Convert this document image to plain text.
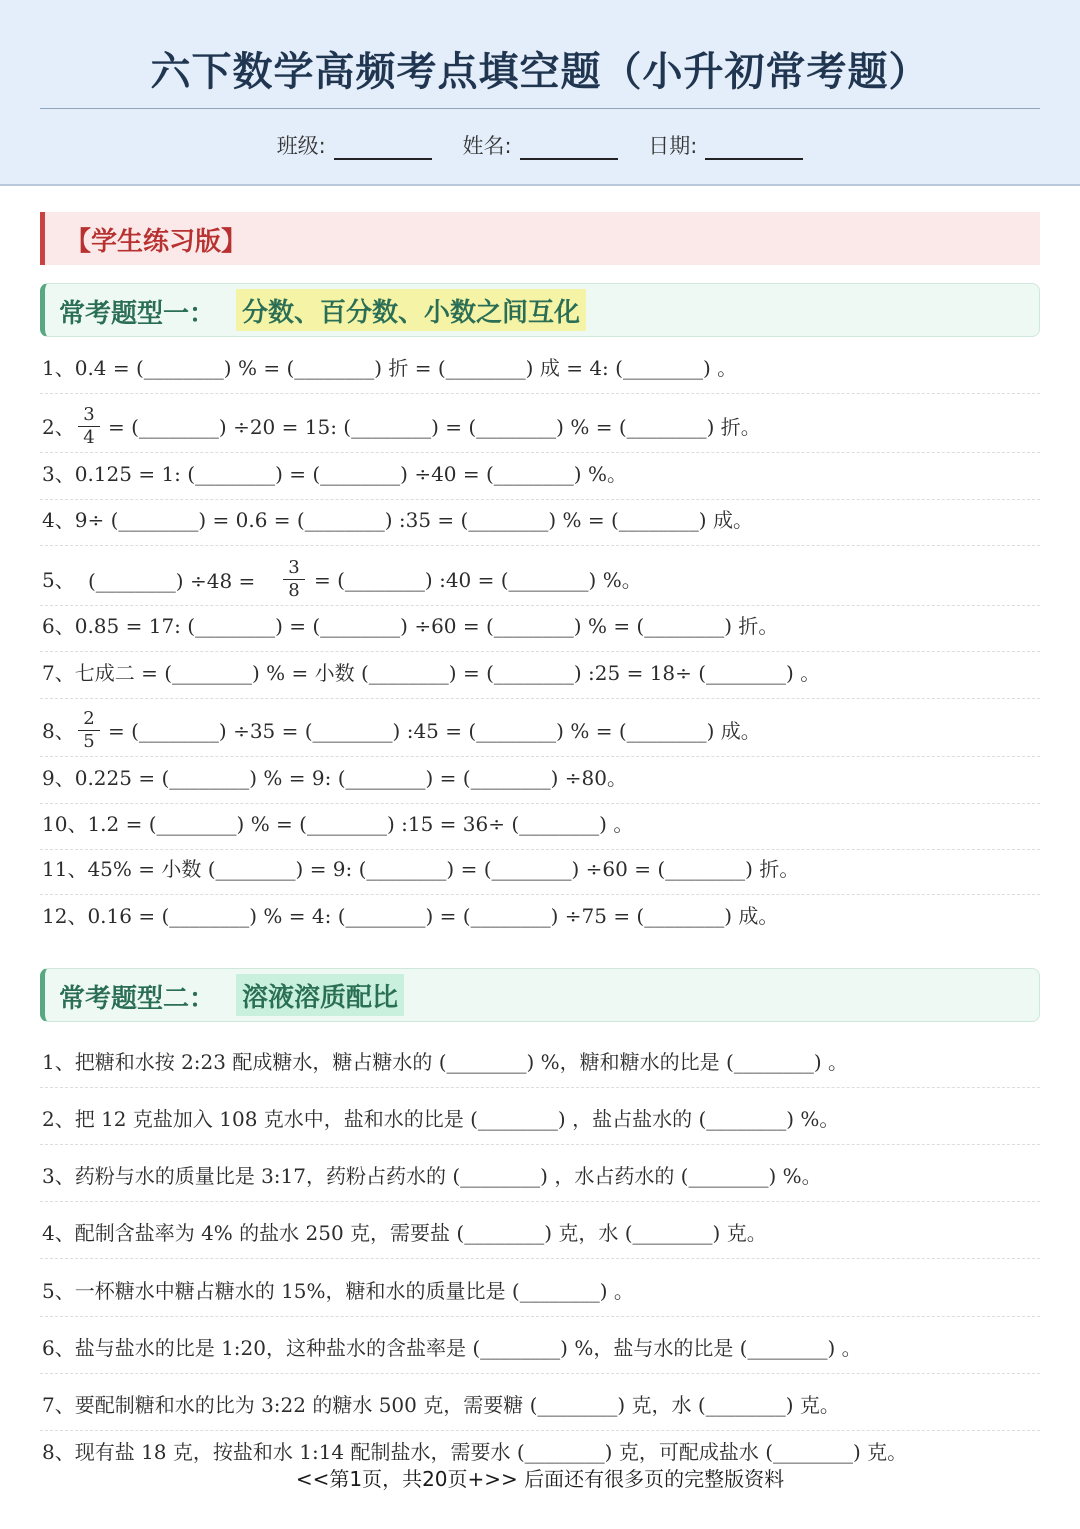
六下数学高频考点填空题（小升初常考题）
班级:	姓名:	日期:
【学生练习版】
常考题型一： 分数、百分数、小数之间互化
1、0.4 = (________) % = (________) 折 = (________) 成 = 4: (________) 。
2、
3
4 = (________) ÷20 = 15: (________) = (________) % = (________) 折。
3、0.125 = 1: (________) = (________) ÷40 = (________) %。
4、9÷ (________) = 0.6 = (________) :35 = (________) % = (________) 成。
5、 (________) ÷48 =
3
8 = (________) :40 = (________) %。
6、0.85 = 17: (________) = (________) ÷60 = (________) % = (________) 折。
7、七成二 = (________) % = 小数 (________) = (________) :25 = 18÷ (________) 。
8、
2
5 = (________) ÷35 = (________) :45 = (________) % = (________) 成。
9、0.225 = (________) % = 9: (________) = (________) ÷80。
10、1.2 = (________) % = (________) :15 = 36÷ (________) 。
11、45% = 小数 (________) = 9: (________) = (________) ÷60 = (________) 折。
12、0.16 = (________) % = 4: (________) = (________) ÷75 = (________) 成。
常考题型二： 溶液溶质配比
1、把糖和水按 2:23 配成糖水，糖占糖水的 (________) %，糖和糖水的比是 (________) 。
2、把 12 克盐加入 108 克水中，盐和水的比是 (________) ，盐占盐水的 (________) %。
3、药粉与水的质量比是 3:17，药粉占药水的 (________) ，水占药水的 (________) %。
4、配制含盐率为 4% 的盐水 250 克，需要盐 (________) 克，水 (________) 克。
5、一杯糖水中糖占糖水的 15%，糖和水的质量比是 (________) 。
6、盐与盐水的比是 1:20，这种盐水的含盐率是 (________) %，盐与水的比是 (________) 。
7、要配制糖和水的比为 3:22 的糖水 500 克，需要糖 (________) 克，水 (________) 克。
8、现有盐 18 克，按盐和水 1:14 配制盐水，需要水 (________) 克，可配成盐水 (________) 克。
<<第1页，共20页+>> 后面还有很多页的完整版资料
